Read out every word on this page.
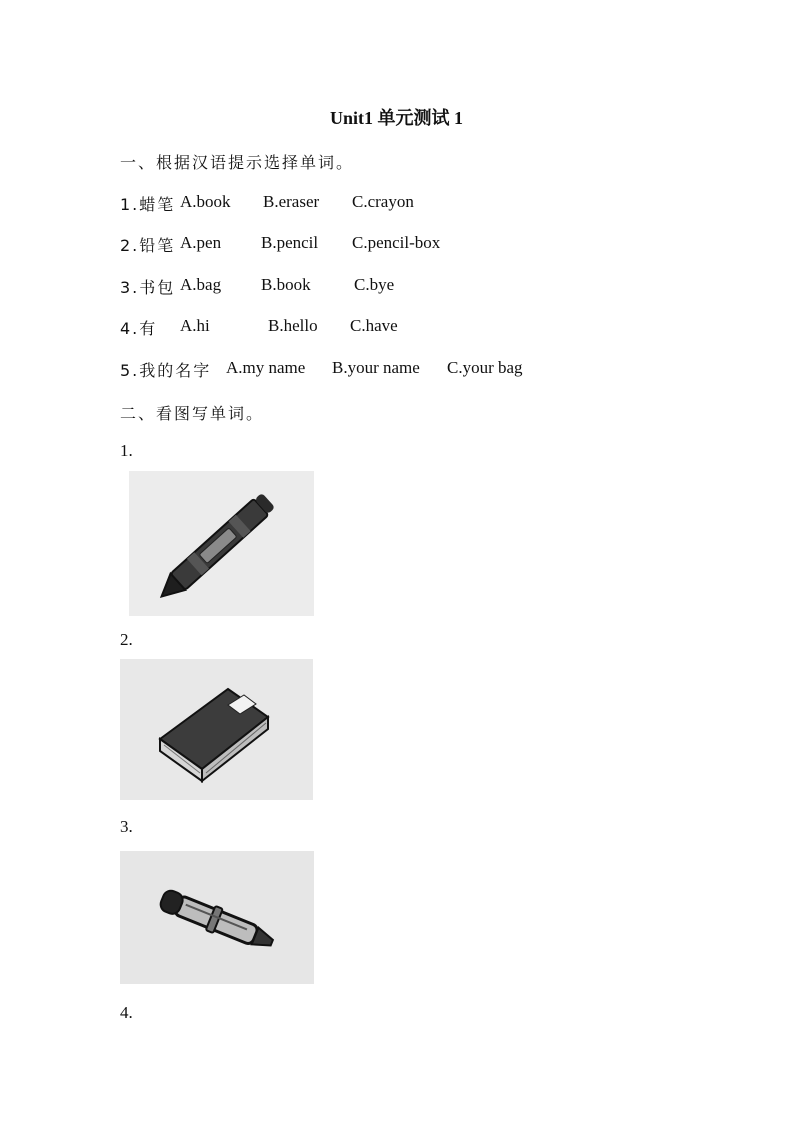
Unit1 单元测试 1
一、根据汉语提示选择单词。
1.蜡笔 A.book B.eraser C.crayon
2.铅笔 A.pen B.pencil C.pencil-box
3.书包 A.bag B.book	C.bye
4.有 A.hi	B.hello C.have
5.我的名字 A.my name B.your name C.your bag
二、看图写单词。
1.
2.
3.
4.
